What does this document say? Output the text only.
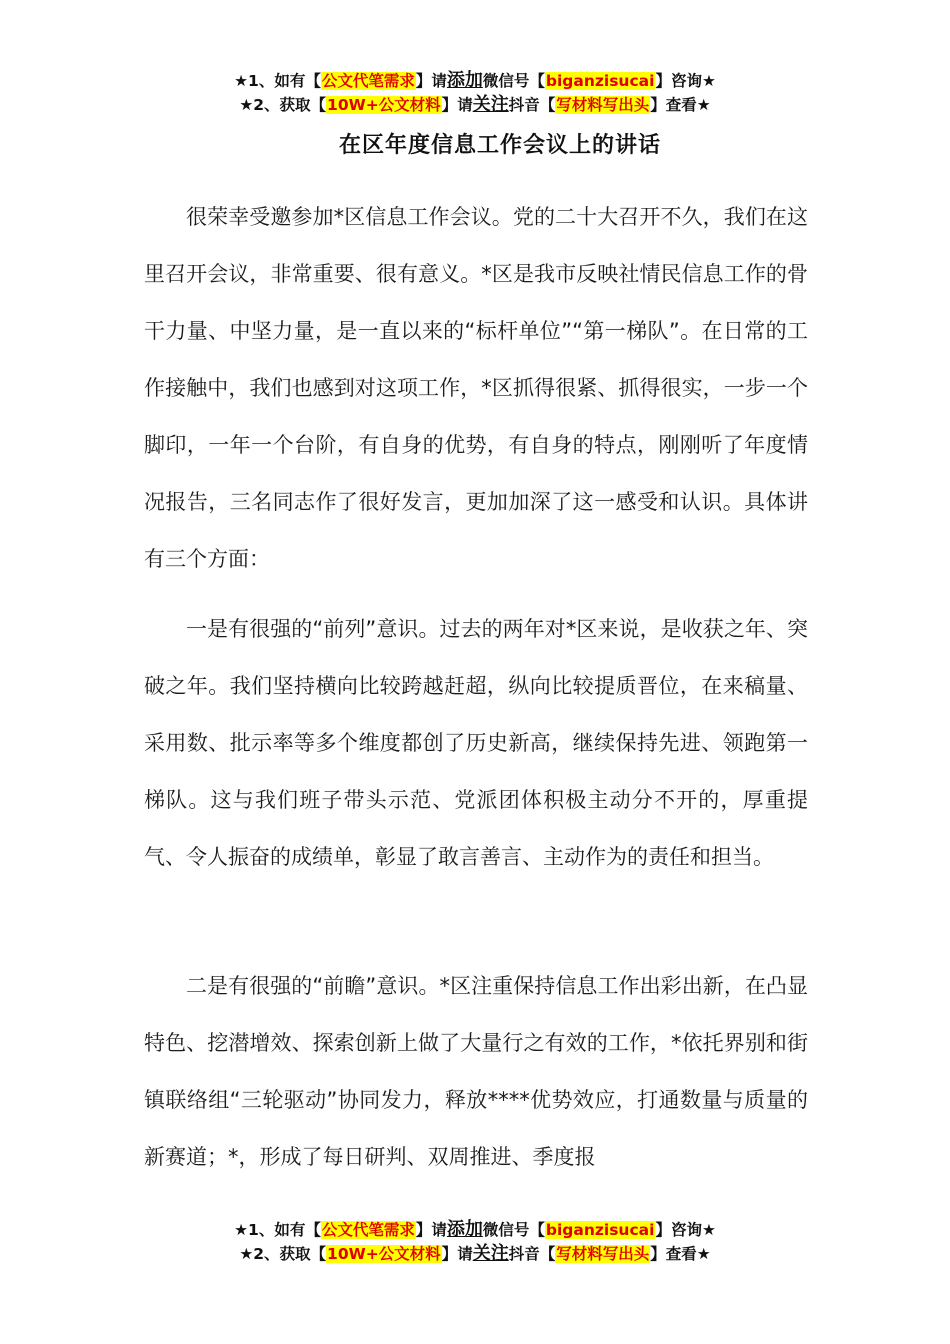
★1、如有【公文代笔需求】请添加微信号【biganzisucai】咨询★
★2、获取【10W+公文材料】请关注抖音【写材料写出头】查看★
在区年度信息工作会议上的讲话

很荣幸受邀参加*区信息工作会议。党的二十大召开不久，我们在这里召开会议，非常重要、很有意义。*区是我市反映社情民信息工作的骨干力量、中坚力量，是一直以来的“标杆单位”“第一梯队”。在日常的工作接触中，我们也感到对这项工作，*区抓得很紧、抓得很实，一步一个脚印，一年一个台阶，有自身的优势，有自身的特点，刚刚听了年度情况报告，三名同志作了很好发言，更加加深了这一感受和认识。具体讲有三个方面：

一是有很强的“前列”意识。过去的两年对*区来说，是收获之年、突破之年。我们坚持横向比较跨越赶超，纵向比较提质晋位，在来稿量、采用数、批示率等多个维度都创了历史新高，继续保持先进、领跑第一梯队。这与我们班子带头示范、党派团体积极主动分不开的，厚重提气、令人振奋的成绩单，彰显了敢言善言、主动作为的责任和担当。

二是有很强的“前瞻”意识。*区注重保持信息工作出彩出新，在凸显特色、挖潜增效、探索创新上做了大量行之有效的工作，*依托界别和街镇联络组“三轮驱动”协同发力，释放****优势效应，打通数量与质量的新赛道；*，形成了每日研判、双周推进、季度报

★1、如有【公文代笔需求】请添加微信号【biganzisucai】咨询★
★2、获取【10W+公文材料】请关注抖音【写材料写出头】查看★
